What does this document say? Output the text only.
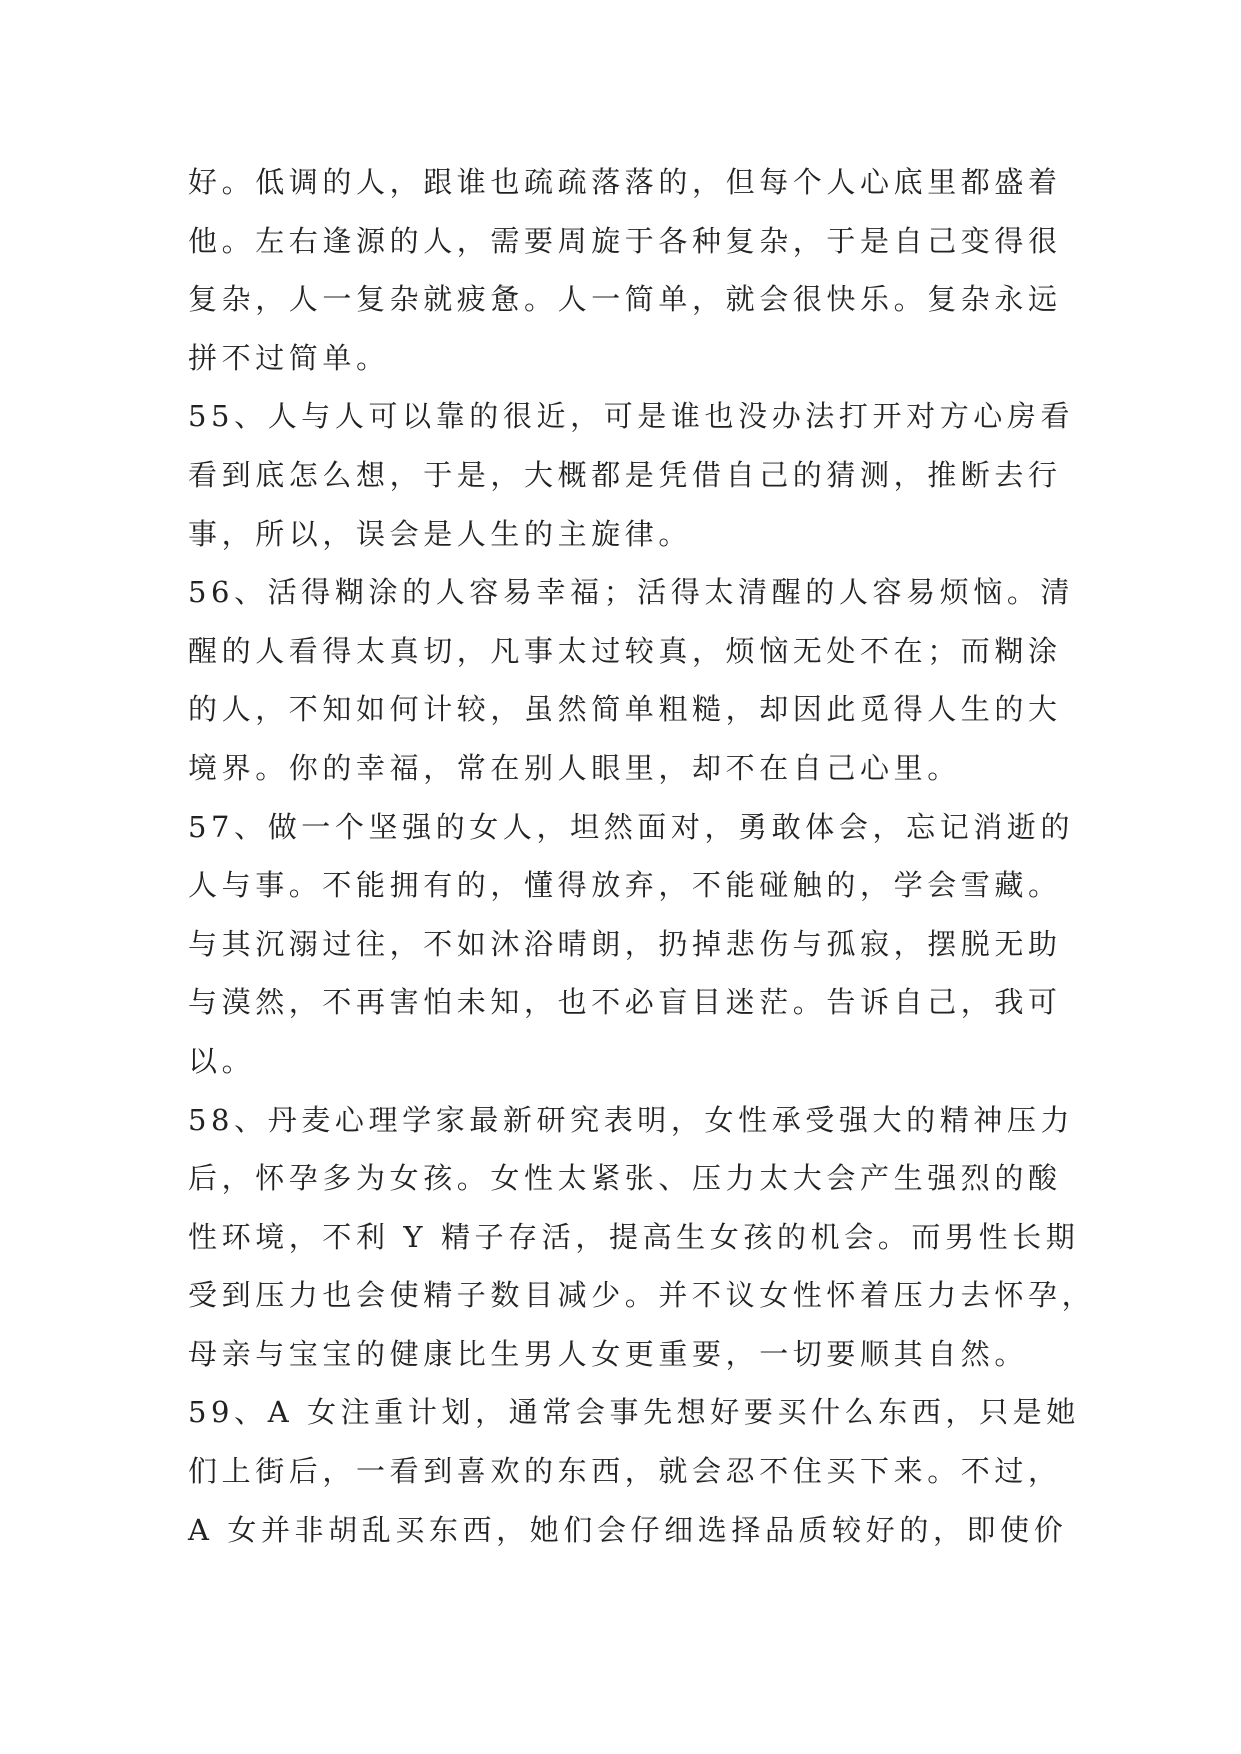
好。低调的人，跟谁也疏疏落落的，但每个人心底里都盛着
他。左右逢源的人，需要周旋于各种复杂，于是自己变得很
复杂，人一复杂就疲惫。人一简单，就会很快乐。复杂永远
拼不过简单。
55、人与人可以靠的很近，可是谁也没办法打开对方心房看
看到底怎么想，于是，大概都是凭借自己的猜测，推断去行
事，所以，误会是人生的主旋律。
56、活得糊涂的人容易幸福；活得太清醒的人容易烦恼。清
醒的人看得太真切，凡事太过较真，烦恼无处不在；而糊涂
的人，不知如何计较，虽然简单粗糙，却因此觅得人生的大
境界。你的幸福，常在别人眼里，却不在自己心里。
57、做一个坚强的女人，坦然面对，勇敢体会，忘记消逝的
人与事。不能拥有的，懂得放弃，不能碰触的，学会雪藏。
与其沉溺过往，不如沐浴晴朗，扔掉悲伤与孤寂，摆脱无助
与漠然，不再害怕未知，也不必盲目迷茫。告诉自己，我可
以。
58、丹麦心理学家最新研究表明，女性承受强大的精神压力
后，怀孕多为女孩。女性太紧张、压力太大会产生强烈的酸
性环境，不利 Y 精子存活，提高生女孩的机会。而男性长期
受到压力也会使精子数目减少。并不议女性怀着压力去怀孕，
母亲与宝宝的健康比生男人女更重要，一切要顺其自然。
59、A 女注重计划，通常会事先想好要买什么东西，只是她
们上街后，一看到喜欢的东西，就会忍不住买下来。不过，
A 女并非胡乱买东西，她们会仔细选择品质较好的，即使价
